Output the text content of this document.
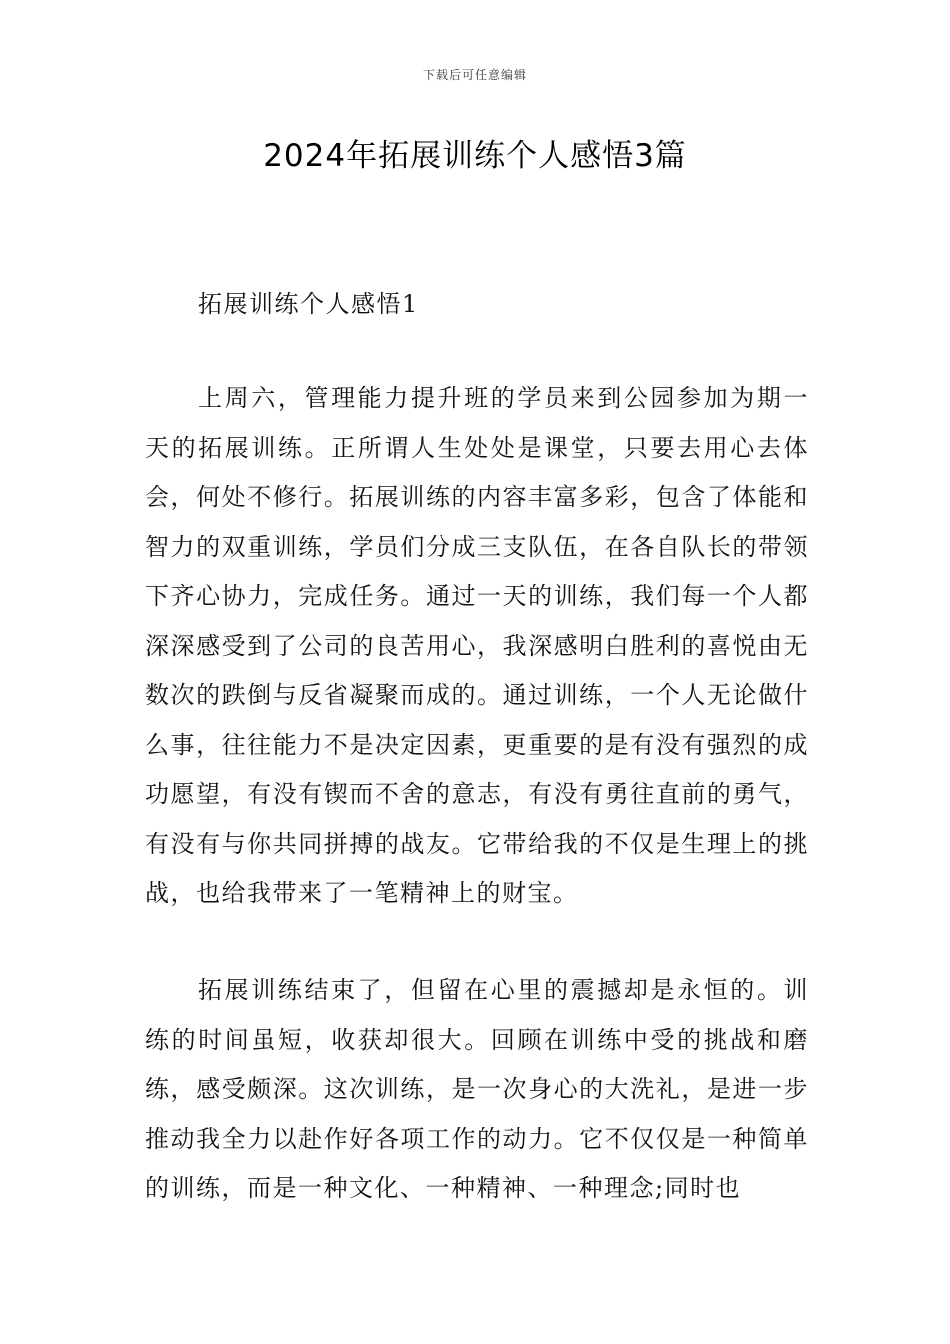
下载后可任意编辑
2024年拓展训练个人感悟3篇

拓展训练个人感悟1

上周六，管理能力提升班的学员来到公园参加为期一天的拓展训练。正所谓人生处处是课堂，只要去用心去体会，何处不修行。拓展训练的内容丰富多彩，包含了体能和智力的双重训练，学员们分成三支队伍，在各自队长的带领下齐心协力，完成任务。通过一天的训练，我们每一个人都深深感受到了公司的良苦用心，我深感明白胜利的喜悦由无数次的跌倒与反省凝聚而成的。通过训练，一个人无论做什么事，往往能力不是决定因素，更重要的是有没有强烈的成功愿望，有没有锲而不舍的意志，有没有勇往直前的勇气，有没有与你共同拼搏的战友。它带给我的不仅是生理上的挑战，也给我带来了一笔精神上的财宝。

拓展训练结束了，但留在心里的震撼却是永恒的。训练的时间虽短，收获却很大。回顾在训练中受的挑战和磨练，感受颇深。这次训练，是一次身心的大洗礼，是进一步推动我全力以赴作好各项工作的动力。它不仅仅是一种简单的训练，而是一种文化、一种精神、一种理念;同时也
